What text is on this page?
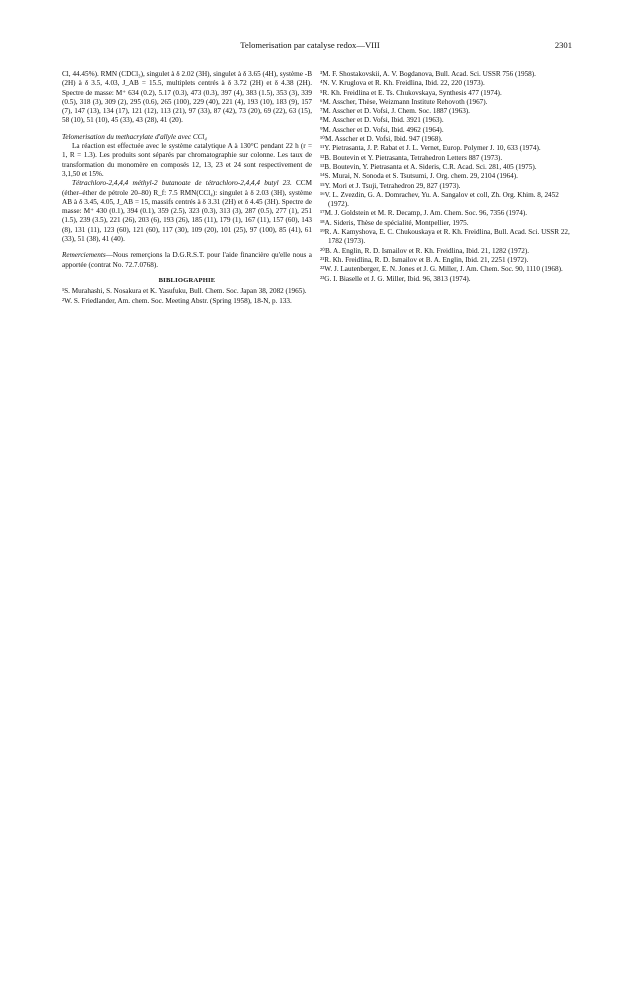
Telomerisation par catalyse redox—VIII	2301

Cl, 44.45%). RMN (CDCl₃), singulet à δ 2.02 (3H), singulet à δ 3.65 (4H), système -B (2H) à δ 3.5, 4.03, J_AB = 15.5, multiplets centrés à δ 3.72 (2H) et δ 4.38 (2H). Spectre de masse: M⁺ 634 (0.2), 5.17 (0.3), 473 (0.3), 397 (4), 383 (1.5), 353 (3), 339 (0.5), 318 (3), 309 (2), 295 (0.6), 265 (100), 229 (40), 221 (4), 193 (10), 183 (9), 157 (7), 147 (13), 134 (17), 121 (12), 113 (21), 97 (33), 87 (42), 73 (20), 69 (22), 63 (15), 58 (10), 51 (10), 45 (33), 43 (28), 41 (20).

Telomerisation du methacrylate d'allyle avec CCl₄

La réaction est effectuée avec le système catalytique A à 130°C pendant 22 h (r = 1, R = 1.3). Les produits sont séparés par chromatographie sur colonne. Les taux de transformation du monomère en composés 12, 13, 23 et 24 sont respectivement de 3,1,50 et 15%.

Tétrachloro-2,4,4,4 méthyl-2 butanoate de tétrachloro-2,4,4,4 butyl 23. CCM (éther–éther de pétrole 20–80) R_f: 7.5 RMN(CCl₄): singulet à δ 2.03 (3H), système AB à δ 3.45, 4.05, J_AB = 15, massifs centrés à δ 3.31 (2H) et δ 4.45 (3H). Spectre de masse: M⁺ 430 (0.1), 394 (0.1), 359 (2.5), 323 (0.3), 313 (3), 287 (0.5), 277 (1), 251 (1.5), 239 (3.5), 221 (26), 203 (6), 193 (26), 185 (11), 179 (1), 167 (11), 157 (60), 143 (8), 131 (11), 123 (60), 121 (60), 117 (30), 109 (20), 101 (25), 97 (100), 85 (41), 61 (33), 51 (38), 41 (40).

Remerciements—Nous remerçions la D.G.R.S.T. pour l'aide financière qu'elle nous a apportée (contrat No. 72.7.0768).

BIBLIOGRAPHIE

¹S. Murahashi, S. Nosakura et K. Yasufuku, Bull. Chem. Soc. Japan 38, 2082 (1965).

²W. S. Friedlander, Am. chem. Soc. Meeting Abstr. (Spring 1958), 18-N, p. 133.

³M. F. Shostakovskii, A. V. Bogdanova, Bull. Acad. Sci. USSR 756 (1958).

⁴N. V. Kruglova et R. Kh. Freidlina, Ibid. 22, 220 (1973).

⁵R. Kh. Freidlina et E. Ts. Chukovskaya, Synthesis 477 (1974).

⁶M. Asscher, Thèse, Weizmann Institute Rehovoth (1967).

⁷M. Asscher et D. Vofsi, J. Chem. Soc. 1887 (1963).

⁸M. Asscher et D. Vofsi, Ibid. 3921 (1963).

⁹M. Asscher et D. Vofsi, Ibid. 4962 (1964).

¹⁰M. Asscher et D. Vofsi, Ibid. 947 (1968).

¹¹Y. Pietrasanta, J. P. Rabat et J. L. Vernet, Europ. Polymer J. 10, 633 (1974).

¹²B. Boutevin et Y. Pietrasanta, Tetrahedron Letters 887 (1973).

¹³B. Boutevin, Y. Pietrasanta et A. Sideris, C.R. Acad. Sci. 281, 405 (1975).

¹⁴S. Murai, N. Sonoda et S. Tsutsumi, J. Org. chem. 29, 2104 (1964).

¹⁵Y. Mori et J. Tsuji, Tetrahedron 29, 827 (1973).

¹⁶V. L. Zvezdin, G. A. Domrachev, Yu. A. Sangalov et coll, Zh. Org. Khim. 8, 2452 (1972).

¹⁷M. J. Goldstein et M. R. Decamp, J. Am. Chem. Soc. 96, 7356 (1974).

¹⁸A. Sideris, Thèse de spécialité, Montpellier, 1975.

¹⁹R. A. Kamyshova, E. C. Chukouskaya et R. Kh. Freidlina, Bull. Acad. Sci. USSR 22, 1782 (1973).

²⁰B. A. Englin, R. D. Ismailov et R. Kh. Freidlina, Ibid. 21, 1282 (1972).

²¹R. Kh. Freidlina, R. D. Ismailov et B. A. Englin, Ibid. 21, 2251 (1972).

²²W. J. Lautenberger, E. N. Jones et J. G. Miller, J. Am. Chem. Soc. 90, 1110 (1968).

²³G. I. Biaselle et J. G. Miller, Ibid. 96, 3813 (1974).
